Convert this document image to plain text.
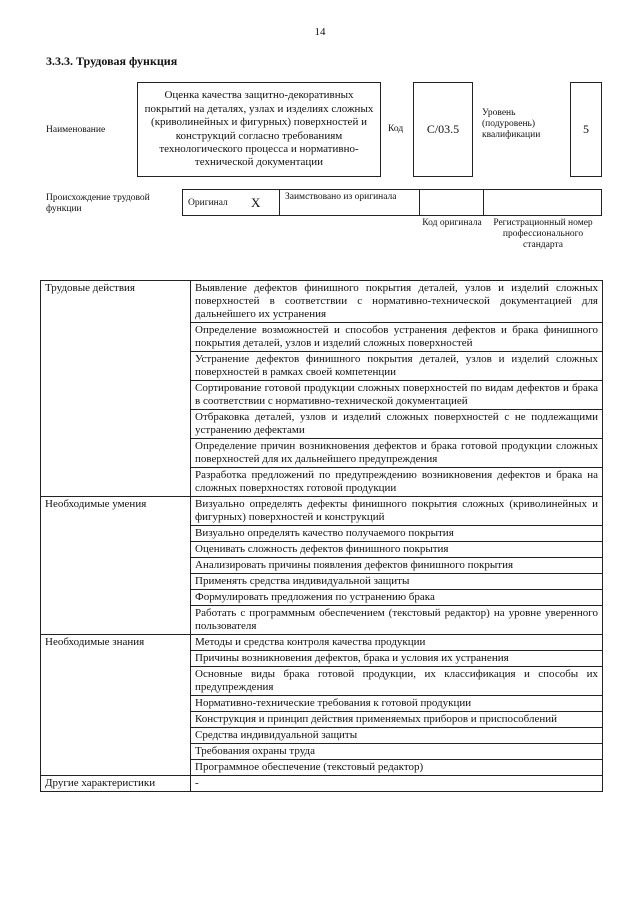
14
3.3.3. Трудовая функция
Наименование
Оценка качества защитно-декоративных покрытий на деталях, узлах и изделиях сложных (криволинейных и фигурных) поверхностей и конструкций согласно требованиям технологического процесса и нормативно-технической документации
Код C/03.5
Уровень (подуровень) квалификации	5
Происхождение трудовой функции
Оригинал X	Заимствовано из оригинала
Код оригинала	Регистрационный номер профессионального стандарта
Трудовые действия	Выявление дефектов финишного покрытия деталей, узлов и изделий сложных поверхностей в соответствии с нормативно-технической документацией для дальнейшего их устранения
	Определение возможностей и способов устранения дефектов и брака финишного покрытия деталей, узлов и изделий сложных поверхностей
	Устранение дефектов финишного покрытия деталей, узлов и изделий сложных поверхностей в рамках своей компетенции
	Сортирование готовой продукции сложных поверхностей по видам дефектов и брака в соответствии с нормативно-технической документацией
	Отбраковка деталей, узлов и изделий сложных поверхностей с не подлежащими устранению дефектами
	Определение причин возникновения дефектов и брака готовой продукции сложных поверхностей для их дальнейшего предупреждения
	Разработка предложений по предупреждению возникновения дефектов и брака на сложных поверхностях готовой продукции
Необходимые умения	Визуально определять дефекты финишного покрытия сложных (криволинейных и фигурных) поверхностей и конструкций
	Визуально определять качество получаемого покрытия
	Оценивать сложность дефектов финишного покрытия
	Анализировать причины появления дефектов финишного покрытия
	Применять средства индивидуальной защиты
	Формулировать предложения по устранению брака
	Работать с программным обеспечением (текстовый редактор) на уровне уверенного пользователя
Необходимые знания	Методы и средства контроля качества продукции
	Причины возникновения дефектов, брака и условия их устранения
	Основные виды брака готовой продукции, их классификация и способы их предупреждения
	Нормативно-технические требования к готовой продукции
	Конструкция и принцип действия применяемых приборов и приспособлений
	Средства индивидуальной защиты
	Требования охраны труда
	Программное обеспечение (текстовый редактор)
Другие характеристики	-
